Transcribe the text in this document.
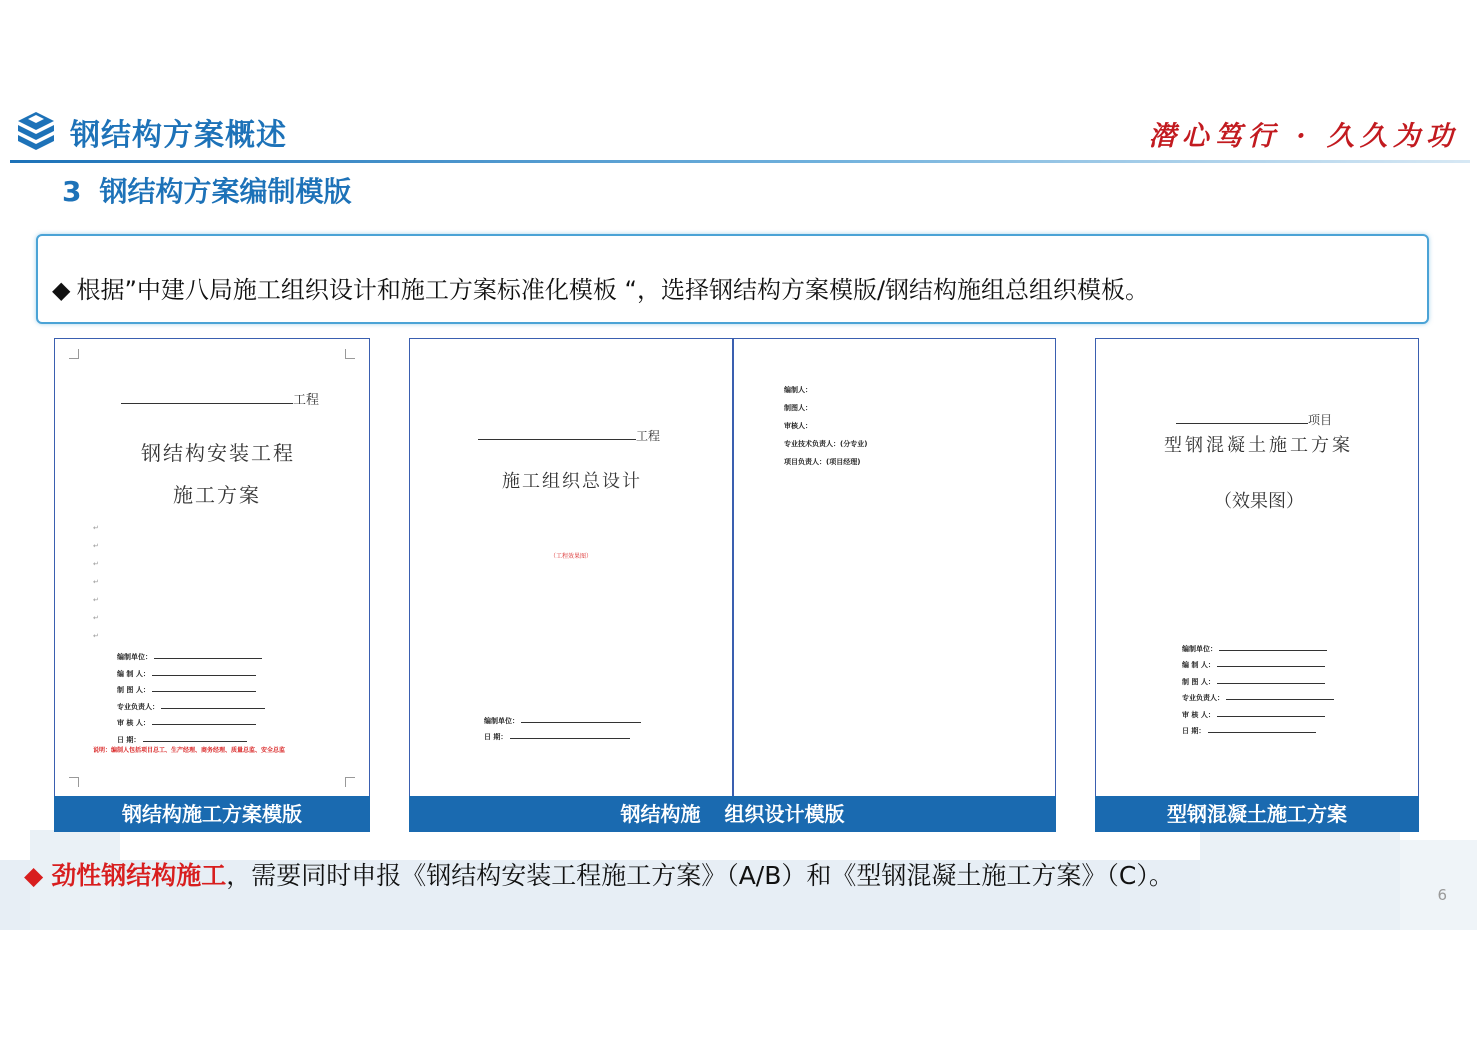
钢结构方案概述	潜心笃行 · 久久为功
3 钢结构方案编制模版
◆ 根据”中建八局施工组织设计和施工方案标准化模板 “，选择钢结构方案模版/钢结构施组总组织模板。
工程
钢结构安装工程
施工方案
↵
↵
↵
↵
↵
↵
↵
编制单位：
编 制 人：
制 图 人：
专业负责人：
审 核 人：
日 期：
说明：编制人包括项目总工、生产经理、商务经理、质量总监、安全总监
钢结构施工方案模版
工程
施工组织总设计
（工程效果图）
编制单位：
日 期：
编制人：
制图人：
审核人：
专业技术负责人：(分专业)
项目负责人：(项目经理)
钢结构施 组织设计模版
项目
型钢混凝土施工方案
（效果图）
编制单位：
编 制 人：
制 图 人：
专业负责人：
审 核 人：
日 期：
型钢混凝土施工方案
◆ 劲性钢结构施工，需要同时申报《钢结构安装工程施工方案》（A/B）和《型钢混凝土施工方案》（C）。
6
